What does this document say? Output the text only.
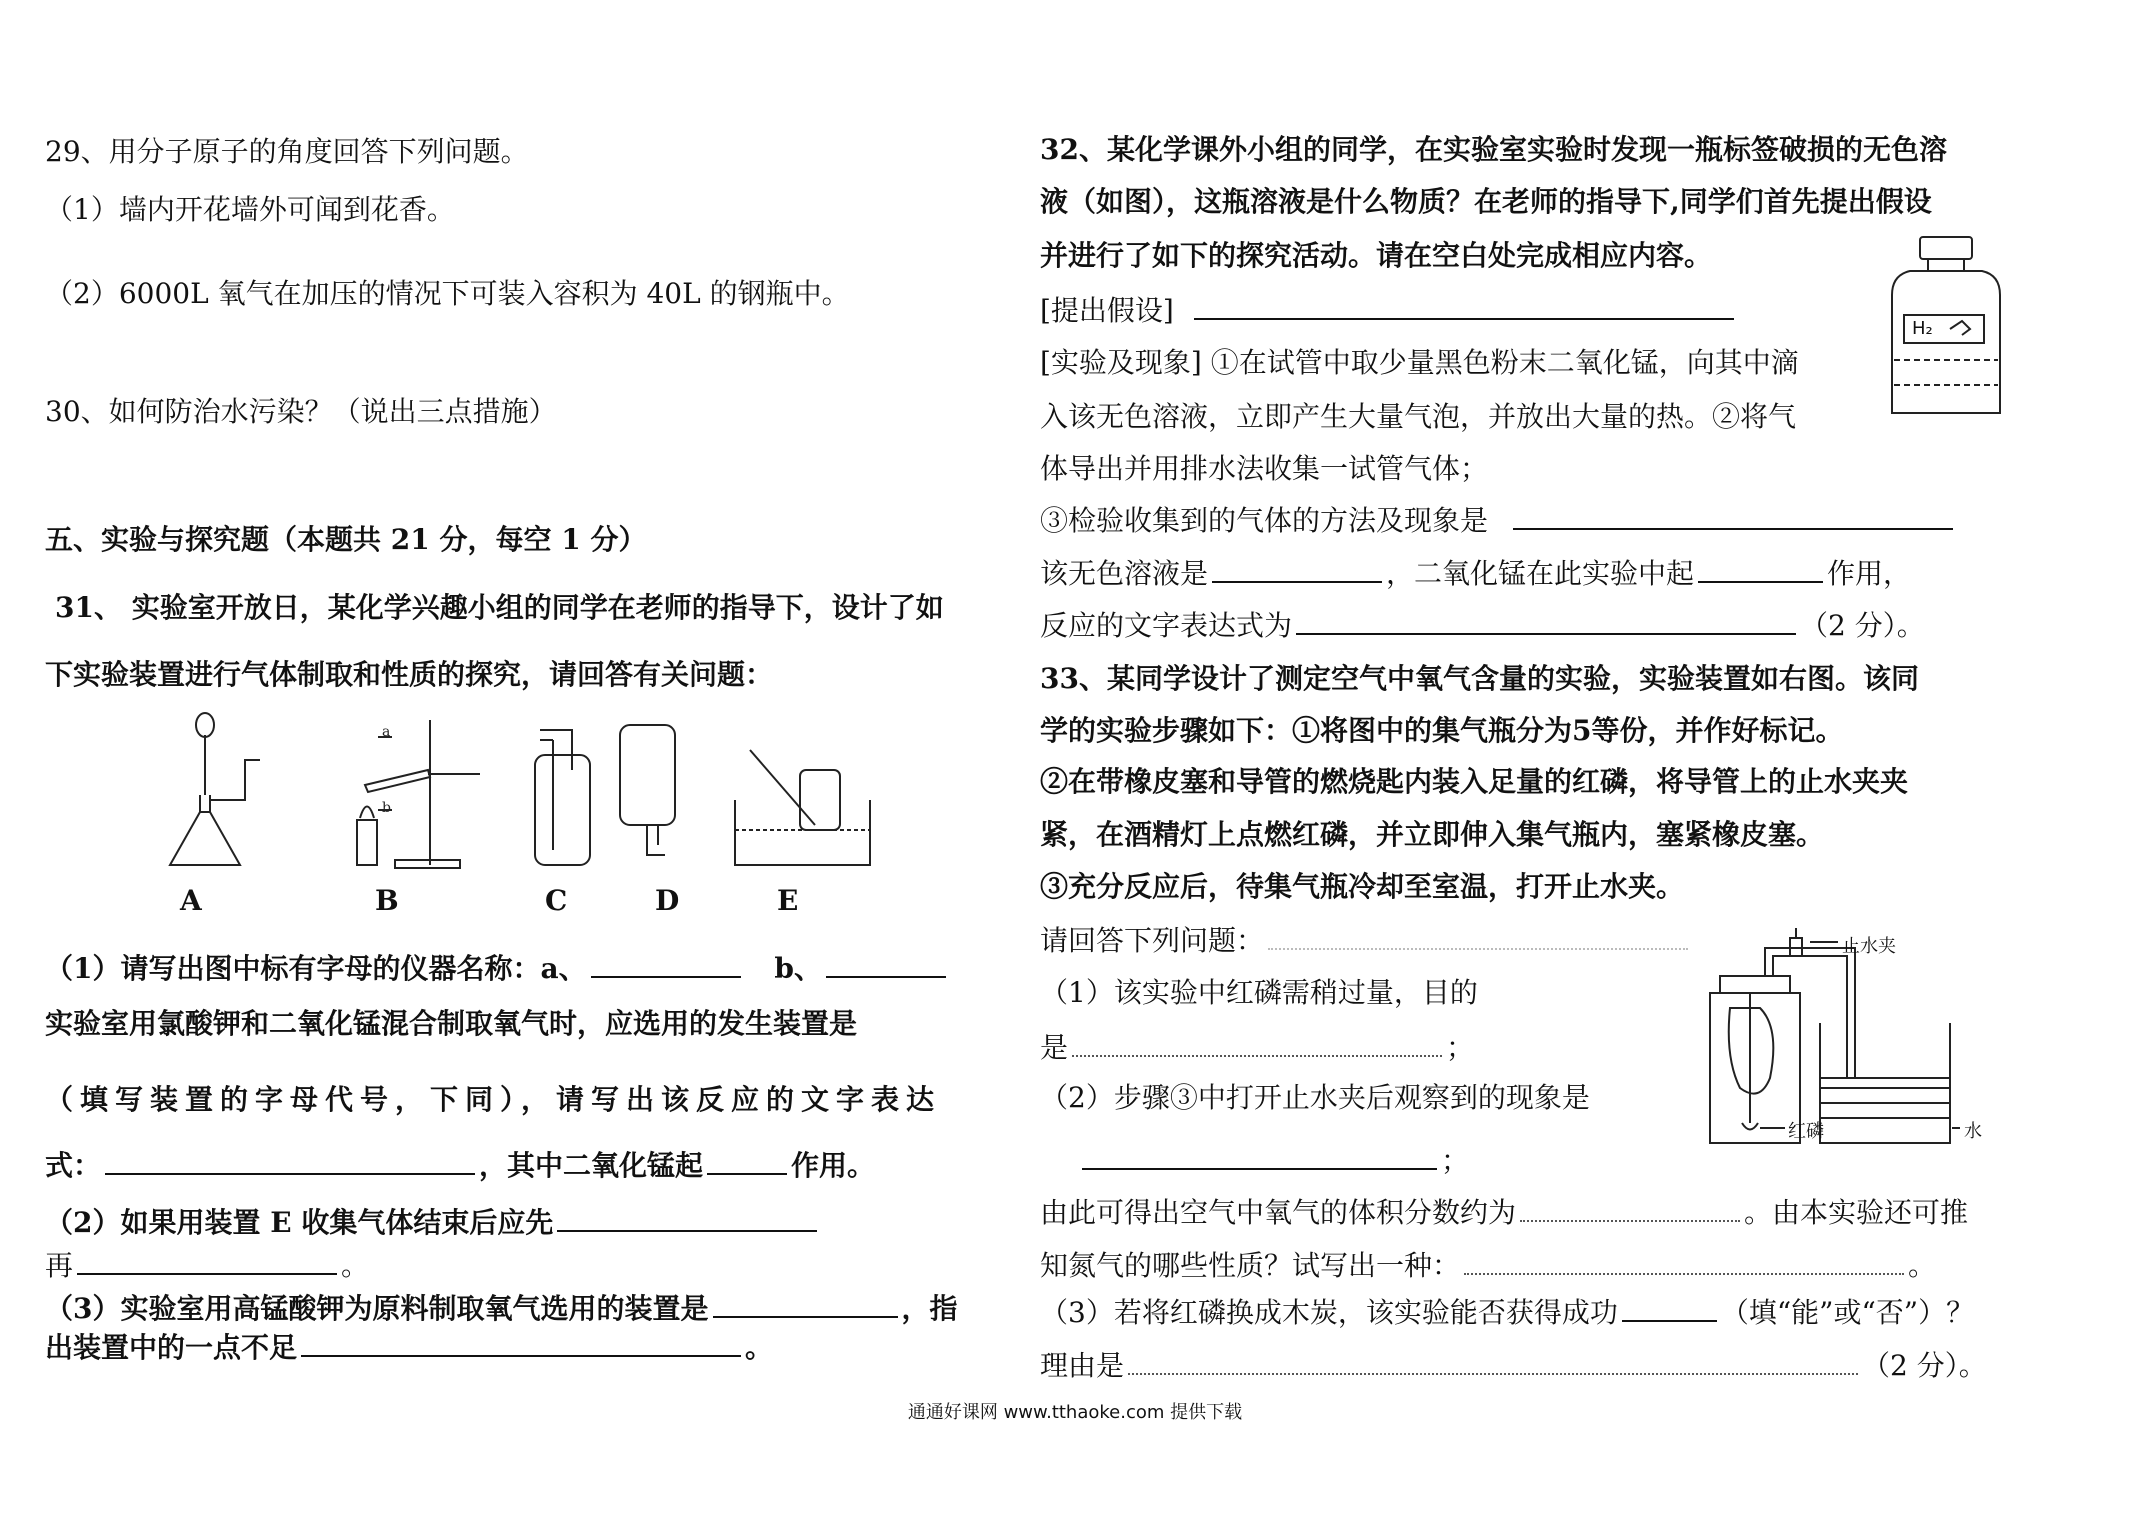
29、用分子原子的角度回答下列问题。
（1）墙内开花墙外可闻到花香。
（2）6000L 氧气在加压的情况下可装入容积为 40L 的钢瓶中。
30、如何防治水污染？（说出三点措施）
五、实验与探究题（本题共 21 分，每空 1 分）
31、 实验室开放日，某化学兴趣小组的同学在老师的指导下，设计了如
下实验装置进行气体制取和性质的探究，请回答有关问题：
a
b
A	B	C	D	E
（1）请写出图中标有字母的仪器名称：a、	b、
实验室用氯酸钾和二氧化锰混合制取氧气时，应选用的发生装置是
（填写装置的字母代号，下同），请写出该反应的文字表达
式：	，其中二氧化锰起	作用。
（2）如果用装置 E 收集气体结束后应先
再	。
（3）实验室用高锰酸钾为原料制取氧气选用的装置是	，指
出装置中的一点不足	。
32、某化学课外小组的同学，在实验室实验时发现一瓶标签破损的无色溶
液（如图），这瓶溶液是什么物质？在老师的指导下,同学们首先提出假设
并进行了如下的探究活动。请在空白处完成相应内容。
[提出假设]
H₂
[实验及现象] ①在试管中取少量黑色粉末二氧化锰，向其中滴
入该无色溶液，立即产生大量气泡，并放出大量的热。②将气
体导出并用排水法收集一试管气体；
③检验收集到的气体的方法及现象是
该无色溶液是	，二氧化锰在此实验中起	作用，
反应的文字表达式为	（2 分）。
33、某同学设计了测定空气中氧气含量的实验，实验装置如右图。该同
学的实验步骤如下：①将图中的集气瓶分为5等份，并作好标记。
②在带橡皮塞和导管的燃烧匙内装入足量的红磷，将导管上的止水夹夹
紧，在酒精灯上点燃红磷，并立即伸入集气瓶内，塞紧橡皮塞。
③充分反应后，待集气瓶冷却至室温，打开止水夹。
请回答下列问题：	止水夹
红磷	水
（1）该实验中红磷需稍过量，目的
是	；
（2）步骤③中打开止水夹后观察到的现象是
；
由此可得出空气中氧气的体积分数约为	。由本实验还可推
知氮气的哪些性质？试写出一种：	。
（3）若将红磷换成木炭，该实验能否获得成功	（填“能”或“否”）？
理由是	（2 分）。
通通好课网 www.tthaoke.com 提供下载
